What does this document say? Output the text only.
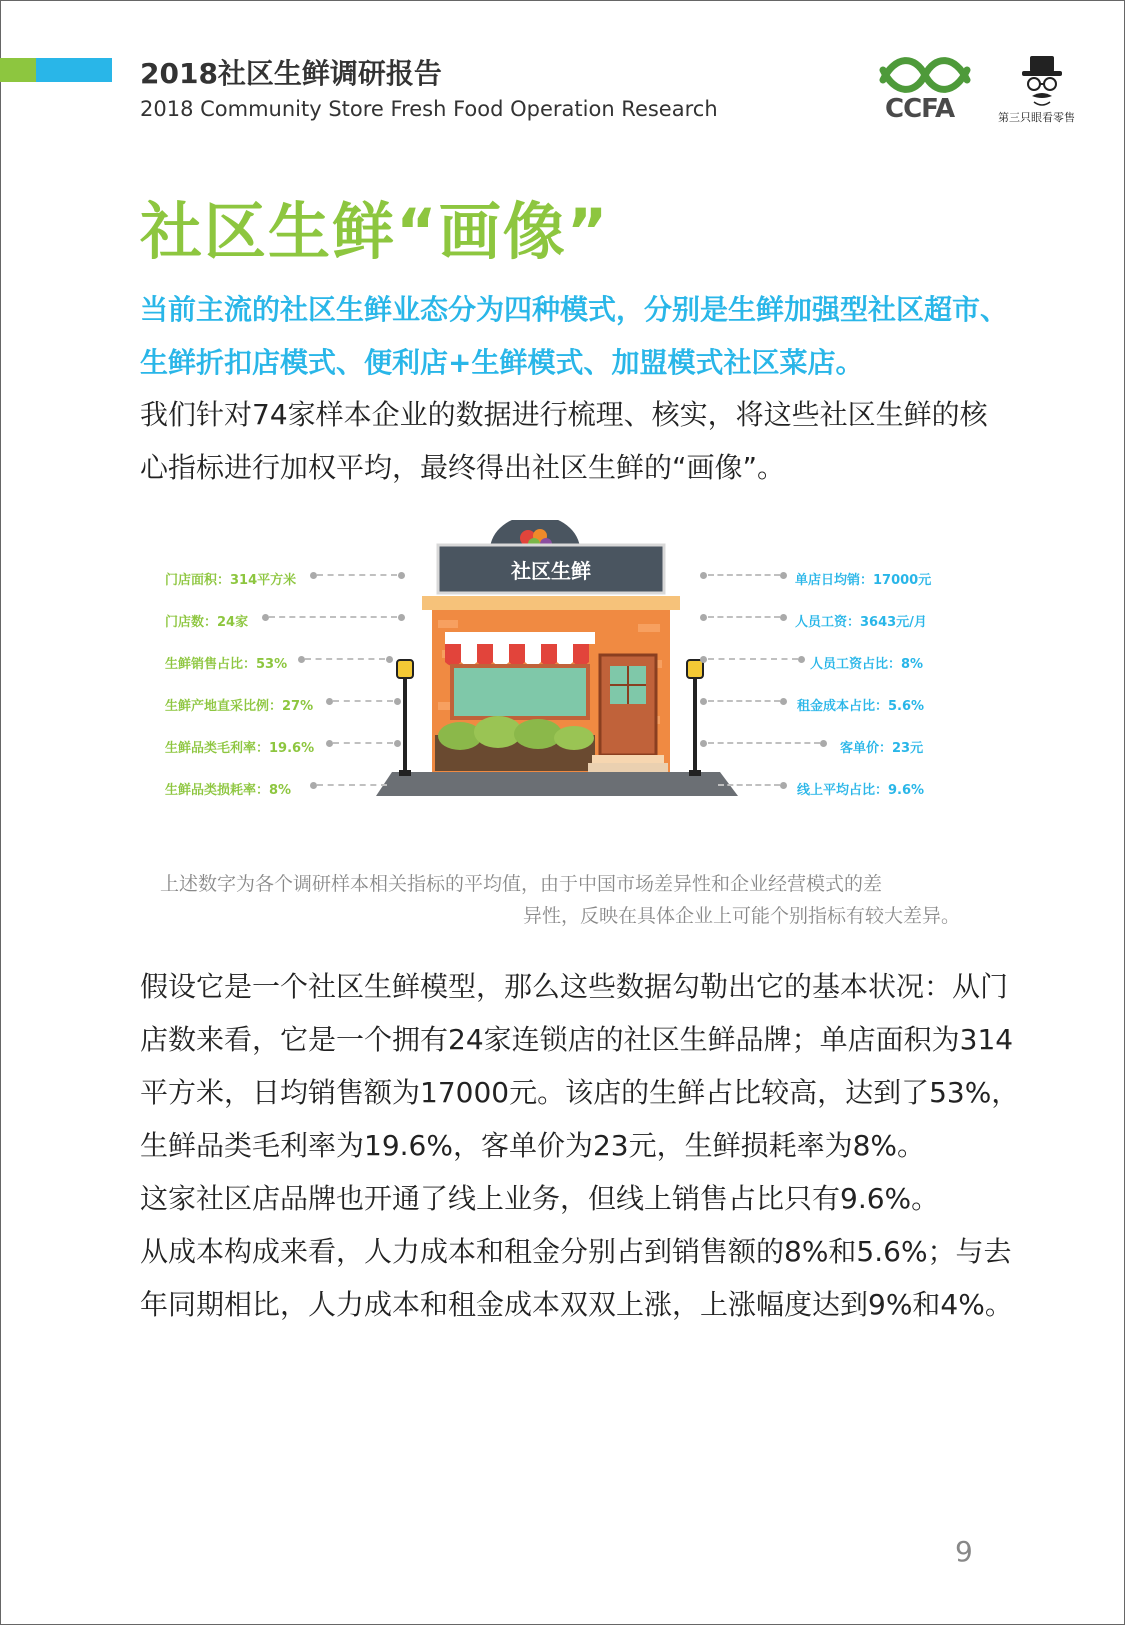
2018社区生鲜调研报告
2018 Community Store Fresh Food Operation Research	CCFA	第三只眼看零售
社区生鲜“画像”
当前主流的社区生鲜业态分为四种模式，分别是生鲜加强型社区超市、生鲜折扣店模式、便利店+生鲜模式、加盟模式社区菜店。
我们针对74家样本企业的数据进行梳理、核实，将这些社区生鲜的核心指标进行加权平均，最终得出社区生鲜的“画像”。
社区生鲜
门店面积：314平方米
门店数：24家
生鲜销售占比：53%
生鲜产地直采比例：27%
生鲜品类毛利率：19.6%
生鲜品类损耗率：8%
单店日均销：17000元
人员工资：3643元/月
人员工资占比：8%
租金成本占比：5.6%
客单价：23元
线上平均占比：9.6%
上述数字为各个调研样本相关指标的平均值，由于中国市场差异性和企业经营模式的差
异性，反映在具体企业上可能个别指标有较大差异。

假设它是一个社区生鲜模型，那么这些数据勾勒出它的基本状况：从门店数来看，它是一个拥有24家连锁店的社区生鲜品牌；单店面积为314平方米，日均销售额为17000元。该店的生鲜占比较高，达到了53%，生鲜品类毛利率为19.6%，客单价为23元，生鲜损耗率为8%。

这家社区店品牌也开通了线上业务，但线上销售占比只有9.6%。

从成本构成来看，人力成本和租金分别占到销售额的8%和5.6%；与去年同期相比，人力成本和租金成本双双上涨，上涨幅度达到9%和4%。

9
